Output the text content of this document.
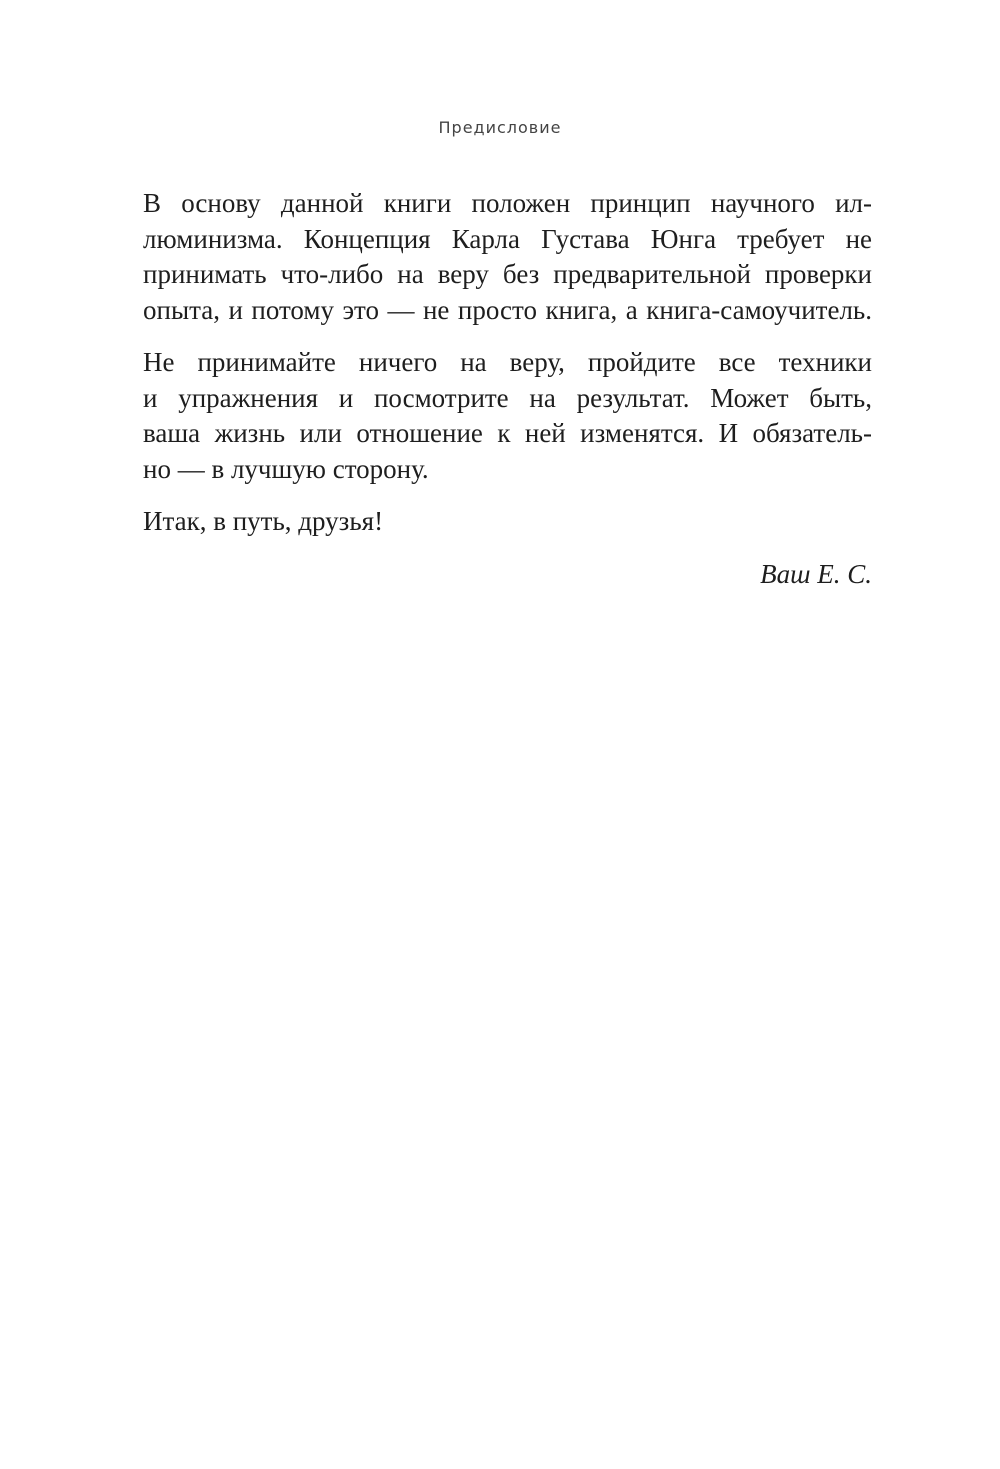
Предисловие
В основу данной книги положен принцип научного ил-
люминизма. Концепция Карла Густава Юнга требует не
принимать что-либо на веру без предварительной проверки
опыта, и потому это — не просто книга, а книга-самоучитель.
Не принимайте ничего на веру, пройдите все техники
и упражнения и посмотрите на результат. Может быть,
ваша жизнь или отношение к ней изменятся. И обязатель-
но — в лучшую сторону.
Итак, в путь, друзья!
Ваш Е. С.
